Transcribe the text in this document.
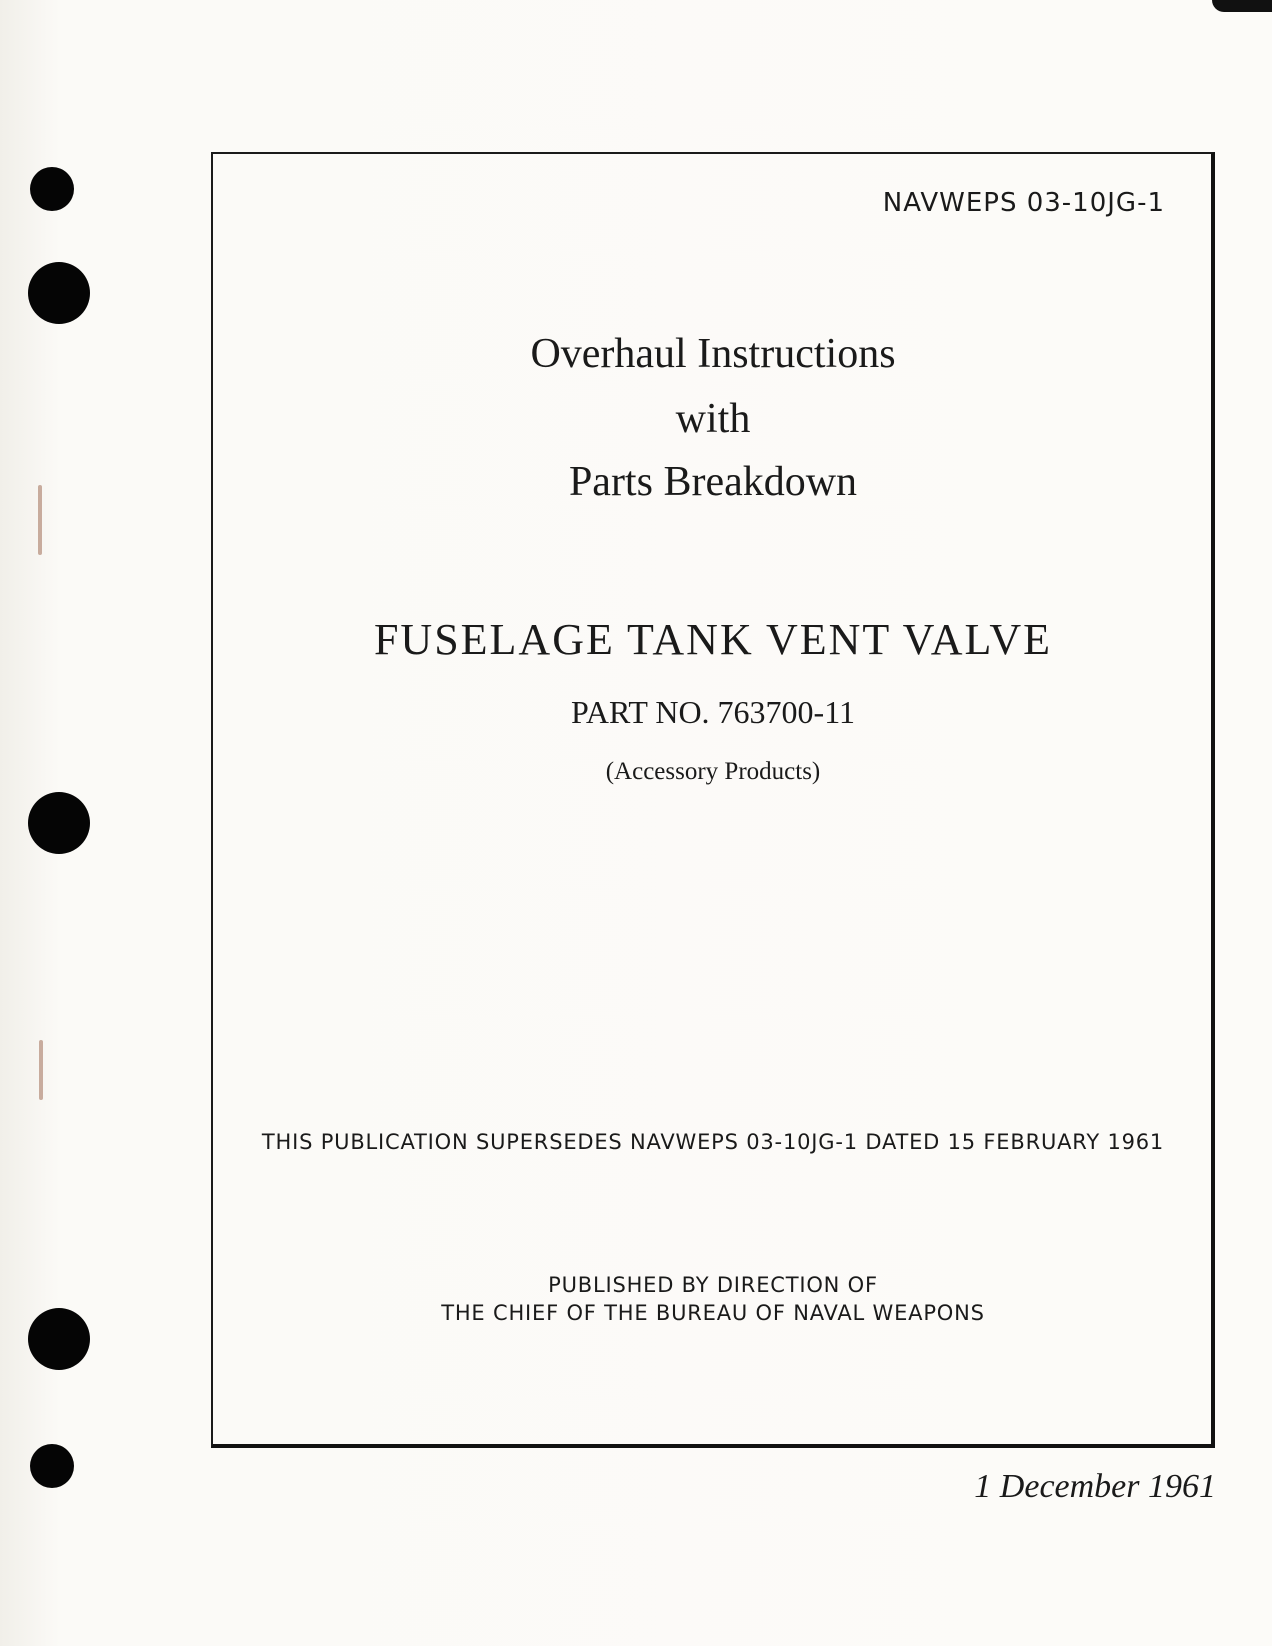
NAVWEPS 03-10JG-1
Overhaul Instructions
with
Parts Breakdown
FUSELAGE TANK VENT VALVE
PART NO. 763700-11
(Accessory Products)
THIS PUBLICATION SUPERSEDES NAVWEPS 03-10JG-1 DATED 15 FEBRUARY 1961
PUBLISHED BY DIRECTION OF
THE CHIEF OF THE BUREAU OF NAVAL WEAPONS
1 December 1961
